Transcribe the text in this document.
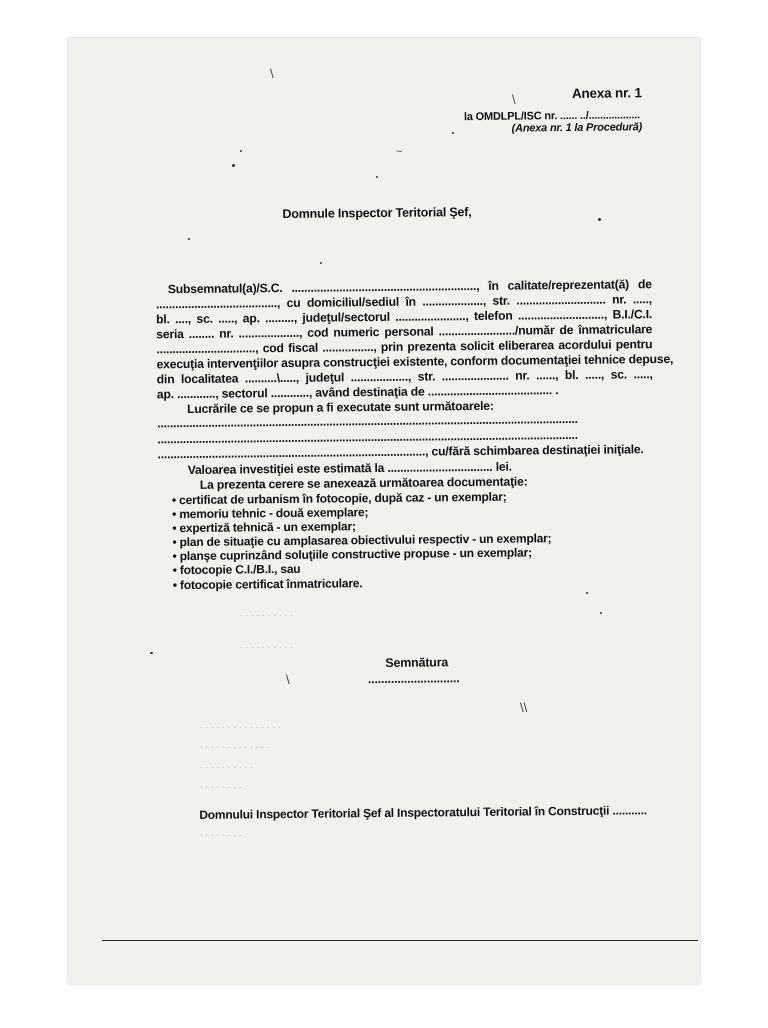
Anexa nr. 1
la OMDLPL/ISC nr. ...... ../..................
(Anexa nr. 1 la Procedură)
Domnule Inspector Teritorial Şef,
Subsemnatul(a)/S.C. .........................................................., în calitate/reprezentat(ă) de
......................................, cu domiciliul/sediul în ..................., str. ............................ nr. .....,
bl. ...., sc. ....., ap. ........., judeţul/sectorul ......................, telefon ..........................., B.I./C.I.
seria ........ nr. ..................., cod numeric personal ......................../număr de înmatriculare
..............................., cod fiscal ................, prin prezenta solicit eliberarea acordului pentru
execuţia intervenţiilor asupra construcţiei existente, conform documentaţiei tehnice depuse,
din localitatea ..........\....., judeţul .................., str. ..................... nr. ......, bl. ....., sc. .....,
ap. ............, sectorul ............, având destinaţia de ....................................... .
Lucrările ce se propun a fi executate sunt următoarele:
....................................................................................................................................
....................................................................................................................................
...................................................................................., cu/fără schimbarea destinaţiei iniţiale.
Valoarea investiţiei este estimată la ................................. lei.
La prezenta cerere se anexează următoarea documentaţie:
• certificat de urbanism în fotocopie, după caz - un exemplar;
• memoriu tehnic - două exemplare;
• expertiză tehnică - un exemplar;
• plan de situaţie cu amplasarea obiectivului respectiv - un exemplar;
• planşe cuprinzând soluţiile constructive propuse - un exemplar;
• fotocopie C.I./B.I., sau
• fotocopie certificat înmatriculare.
Semnătura
............................
Domnului Inspector Teritorial Şef al Inspectoratului Teritorial în Construcţii ...........
\
\
~
\
\\
. . . . : . . . . .
. . . : . . . . . .
. . . . . . . . . . . . . . .
. . . . . . . . . . . . .
. . . . . . . . . .
. . . . . . . .
. . . . . . . .
